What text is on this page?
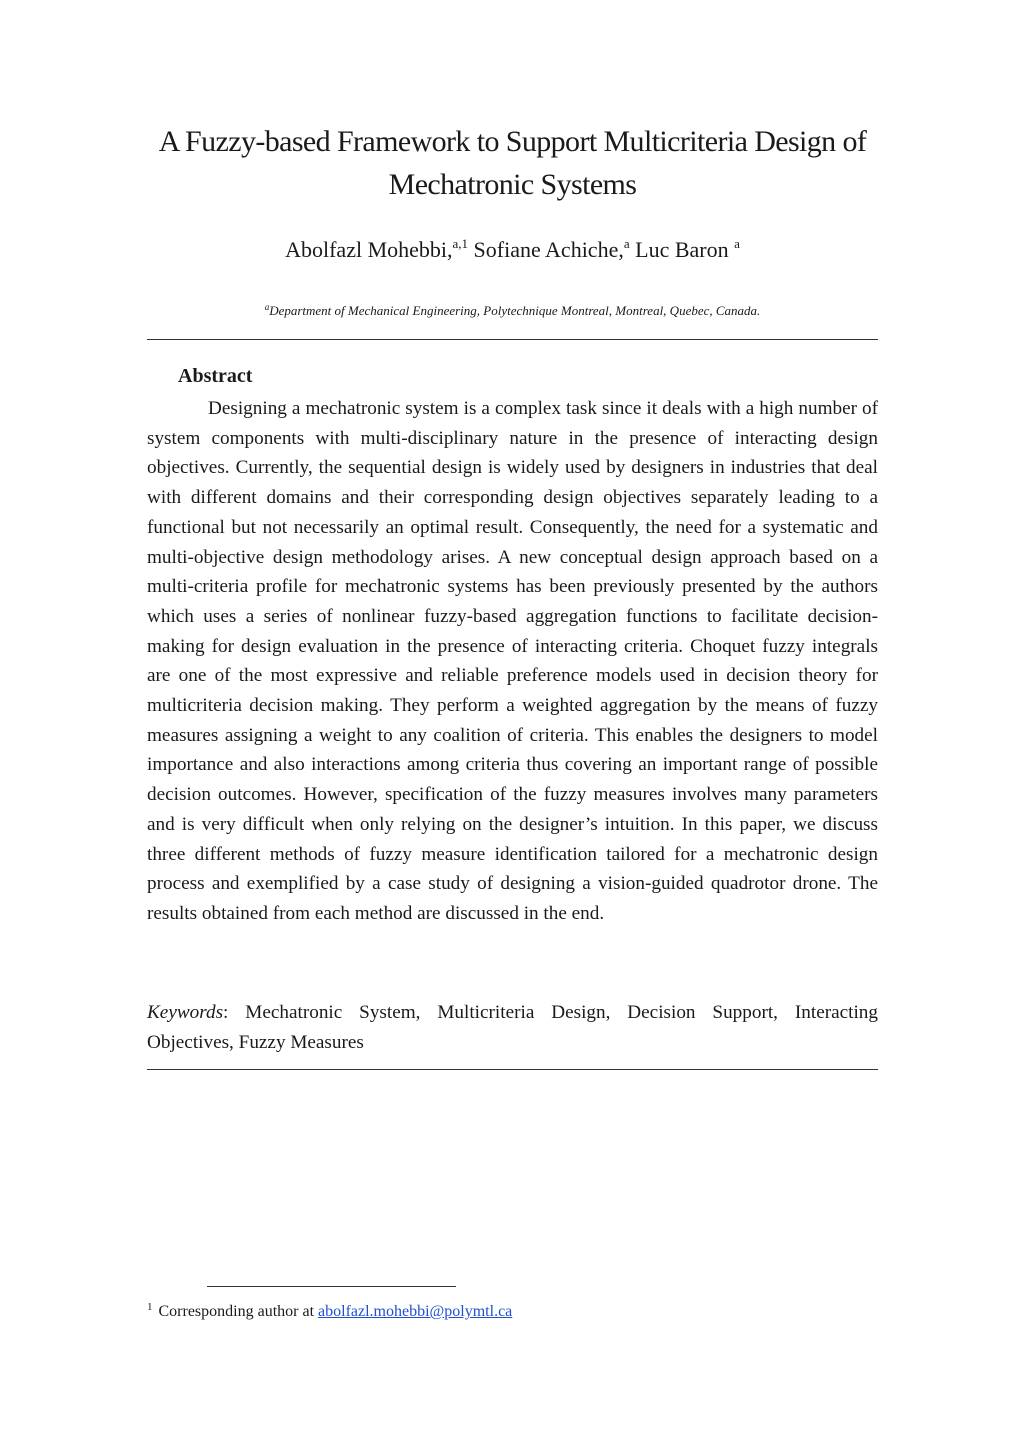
A Fuzzy-based Framework to Support Multicriteria Design of Mechatronic Systems
Abolfazl Mohebbi,$^{a,1}$ Sofiane Achiche,$^a$ Luc Baron $^a$
$^a$Department of Mechanical Engineering, Polytechnique Montreal, Montreal, Quebec, Canada.
Abstract

Designing a mechatronic system is a complex task since it deals with a high number of system components with multi-disciplinary nature in the presence of interacting design objectives. Currently, the sequential design is widely used by designers in industries that deal with different domains and their corresponding design objectives separately leading to a functional but not necessarily an optimal result. Consequently, the need for a systematic and multi-objective design methodology arises. A new conceptual design approach based on a multi-criteria profile for mechatronic systems has been previously presented by the authors which uses a series of nonlinear fuzzy-based aggregation functions to facilitate decision-making for design evaluation in the presence of interacting criteria. Choquet fuzzy integrals are one of the most expressive and reliable preference models used in decision theory for multicriteria decision making. They perform a weighted aggregation by the means of fuzzy measures assigning a weight to any coalition of criteria. This enables the designers to model importance and also interactions among criteria thus covering an important range of possible decision outcomes. However, specification of the fuzzy measures involves many parameters and is very difficult when only relying on the designer’s intuition. In this paper, we discuss three different methods of fuzzy measure identification tailored for a mechatronic design process and exemplified by a case study of designing a vision-guided quadrotor drone. The results obtained from each method are discussed in the end.

Keywords: Mechatronic System, Multicriteria Design, Decision Support, Interacting Objectives, Fuzzy Measures

$^1$ Corresponding author at abolfazl.mohebbi@polymtl.ca
